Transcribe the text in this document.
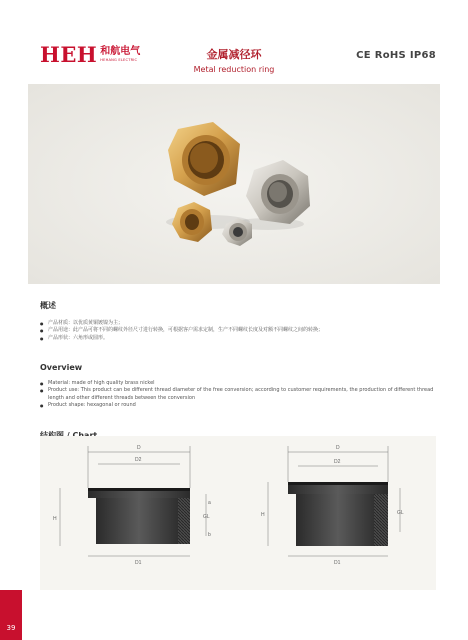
HEH 和航电气
HEHANG ELECTRIC	金属减径环
Metal reduction ring
CE RoHS IP68
概述
● 产品材质：以优质黄铜镀镍为主；
● 产品用途：此产品可将不同的螺纹外径尺寸进行转换，可根据客户需求定制，生产不同螺纹长度及对额不同螺纹之间的转换；
● 产品形状：六角形或圆形。
Overview
● Material: made of high quality brass nickel
● Product use: This product can be different thread diameter of the free conversion; according to customer requirements, the production of different thread length and other different threads between the conversion
● Product shape: hexagonal or round
D
D2
H	GL
D1
a
b
D
D2
H	GL
D1
39
